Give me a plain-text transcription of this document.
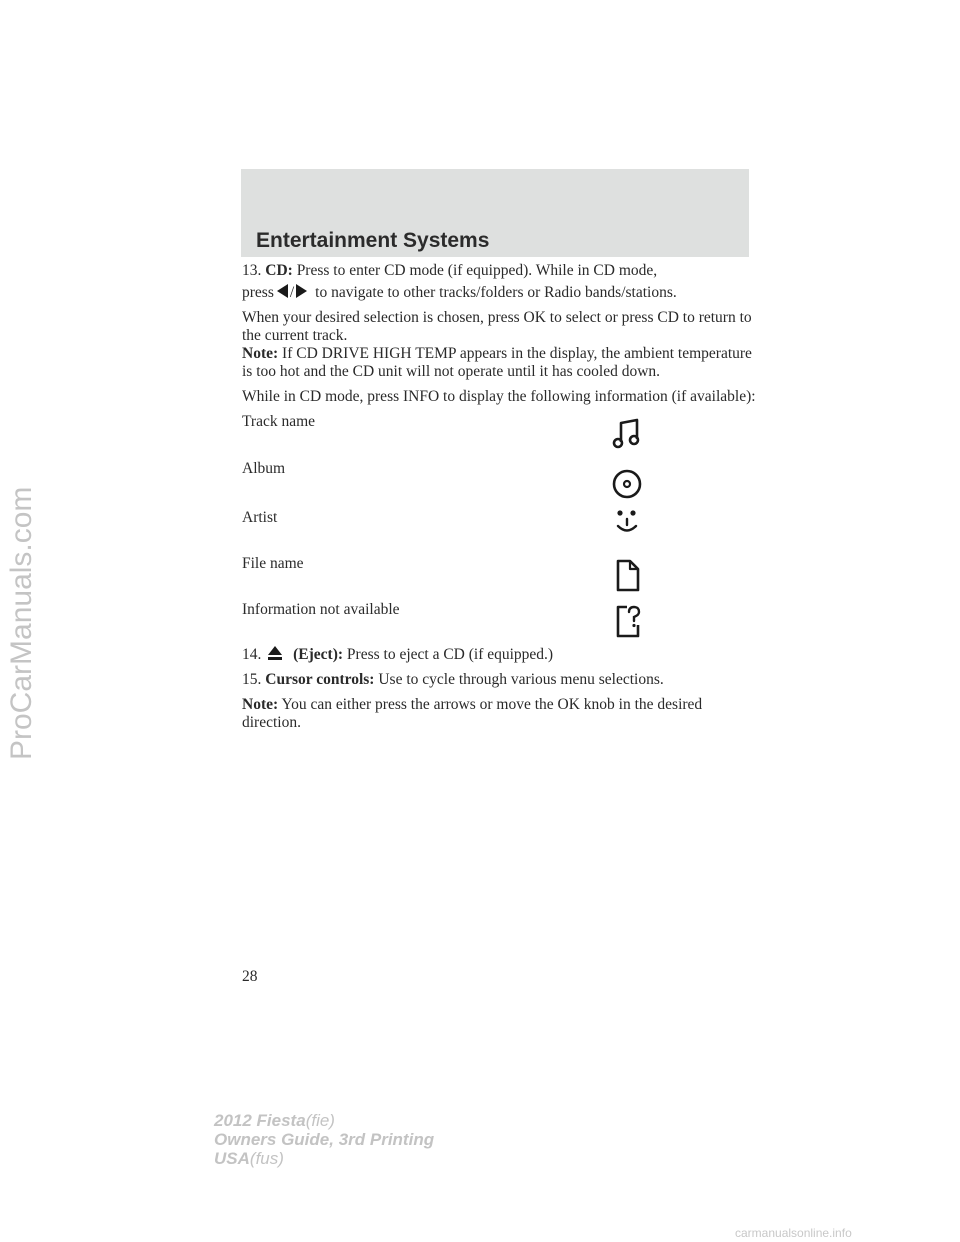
ProCarManuals.com
Entertainment Systems
13. CD: Press to enter CD mode (if equipped). While in CD mode,
press / to navigate to other tracks/folders or Radio bands/stations.
When your desired selection is chosen, press OK to select or press CD to return to the current track.
Note: If CD DRIVE HIGH TEMP appears in the display, the ambient temperature is too hot and the CD unit will not operate until it has cooled down.
While in CD mode, press INFO to display the following information (if available):
Track name
Album
Artist
File name
Information not available
14. (Eject): Press to eject a CD (if equipped.)
15. Cursor controls: Use to cycle through various menu selections.
Note: You can either press the arrows or move the OK knob in the desired direction.
28
2012 Fiesta(fie)
Owners Guide, 3rd Printing
USA(fus)
carmanualsonline.info
